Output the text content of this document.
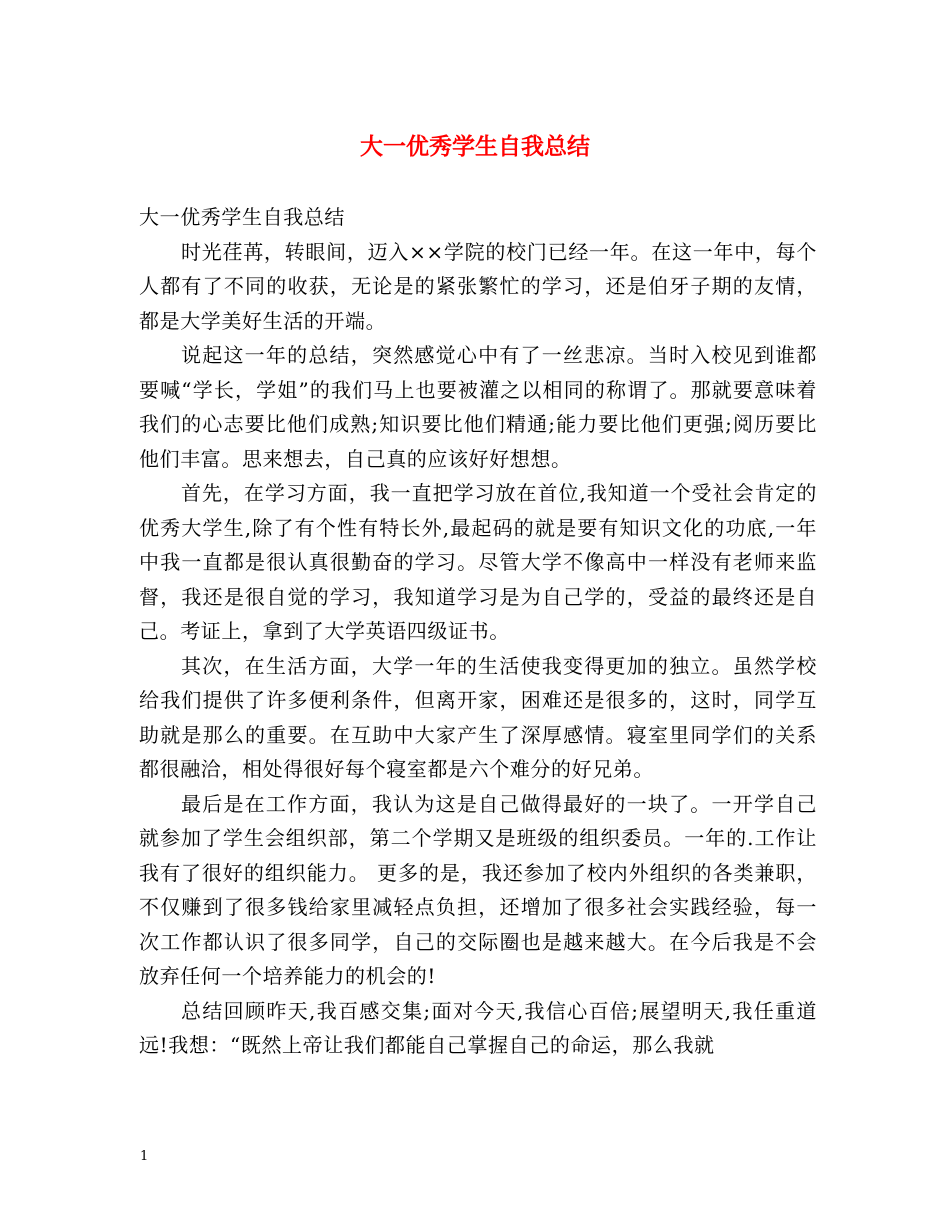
大一优秀学生自我总结

大一优秀学生自我总结

时光荏苒，转眼间，迈入××学院的校门已经一年。在这一年中，每个人都有了不同的收获，无论是的紧张繁忙的学习，还是伯牙子期的友情，都是大学美好生活的开端。

说起这一年的总结，突然感觉心中有了一丝悲凉。当时入校见到谁都要喊“学长，学姐”的我们马上也要被灌之以相同的称谓了。那就要意味着我们的心志要比他们成熟;知识要比他们精通;能力要比他们更强;阅历要比他们丰富。思来想去，自己真的应该好好想想。

首先，在学习方面，我一直把学习放在首位,我知道一个受社会肯定的优秀大学生,除了有个性有特长外,最起码的就是要有知识文化的功底,一年中我一直都是很认真很勤奋的学习。尽管大学不像高中一样没有老师来监督，我还是很自觉的学习，我知道学习是为自己学的，受益的最终还是自己。考证上，拿到了大学英语四级证书。

其次，在生活方面，大学一年的生活使我变得更加的独立。虽然学校给我们提供了许多便利条件，但离开家，困难还是很多的，这时，同学互助就是那么的重要。在互助中大家产生了深厚感情。寝室里同学们的关系都很融洽，相处得很好每个寝室都是六个难分的好兄弟。

最后是在工作方面，我认为这是自己做得最好的一块了。一开学自己就参加了学生会组织部，第二个学期又是班级的组织委员。一年的.工作让我有了很好的组织能力。 更多的是，我还参加了校内外组织的各类兼职，不仅赚到了很多钱给家里减轻点负担，还增加了很多社会实践经验，每一次工作都认识了很多同学，自己的交际圈也是越来越大。在今后我是不会放弃任何一个培养能力的机会的!

总结回顾昨天,我百感交集;面对今天,我信心百倍;展望明天,我任重道远!我想：“既然上帝让我们都能自己掌握自己的命运，那么我就

1
